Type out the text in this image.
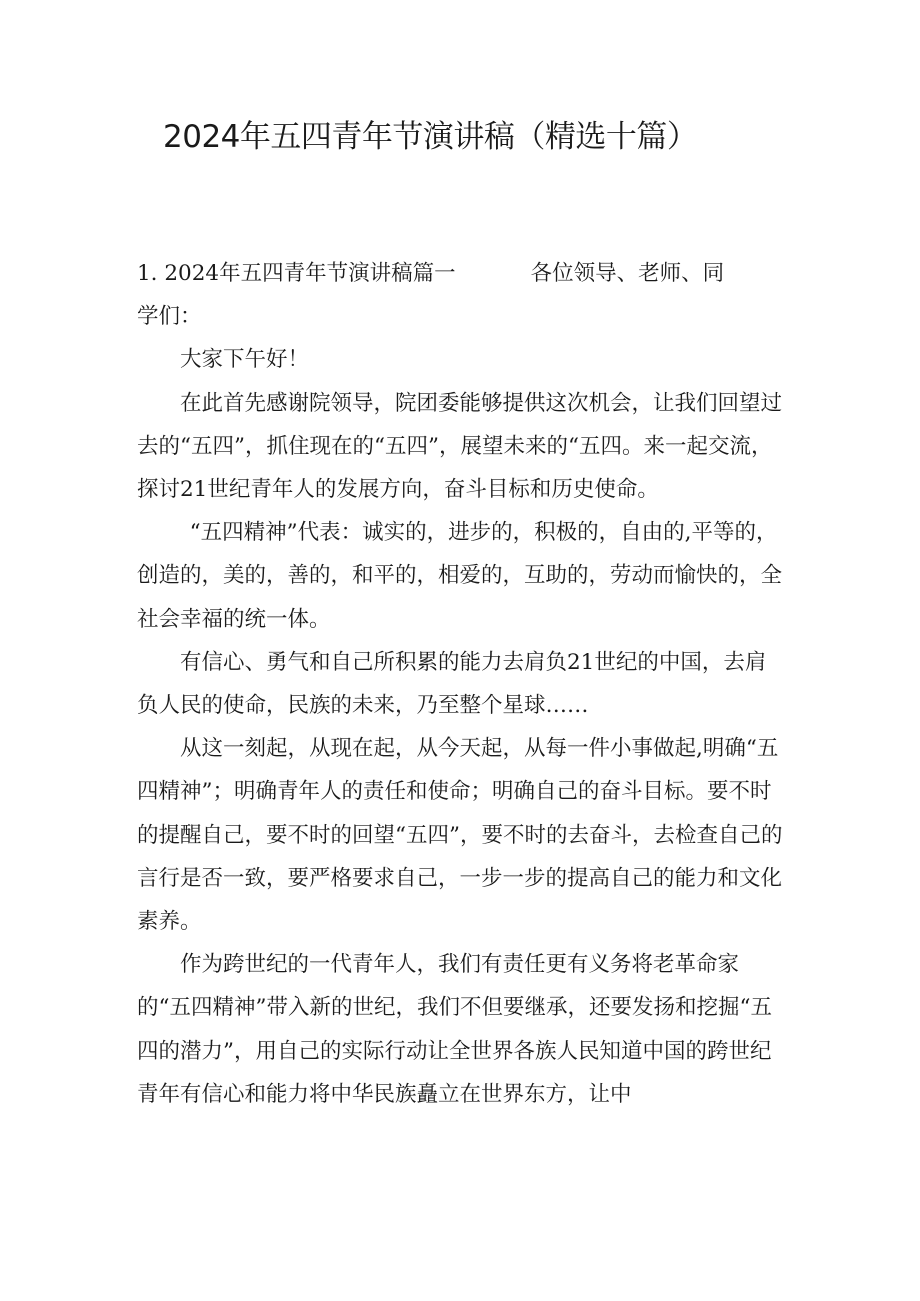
2024年五四青年节演讲稿（精选十篇）

1. 2024年五四青年节演讲稿篇一	各位领导、老师、同

学们：

大家下午好！

在此首先感谢院领导，院团委能够提供这次机会，让我们回望过去的“五四”，抓住现在的“五四”，展望未来的“五四。来一起交流，探讨21世纪青年人的发展方向，奋斗目标和历史使命。

“五四精神”代表：诚实的，进步的，积极的，自由的,平等的，创造的，美的，善的，和平的，相爱的，互助的，劳动而愉快的，全社会幸福的统一体。

有信心、勇气和自己所积累的能力去肩负21世纪的中国，去肩负人民的使命，民族的未来，乃至整个星球……

从这一刻起，从现在起，从今天起，从每一件小事做起,明确“五四精神”；明确青年人的责任和使命；明确自己的奋斗目标。要不时的提醒自己，要不时的回望“五四”，要不时的去奋斗，去检查自己的言行是否一致，要严格要求自己，一步一步的提高自己的能力和文化素养。

作为跨世纪的一代青年人，我们有责任更有义务将老革命家的“五四精神”带入新的世纪，我们不但要继承，还要发扬和挖掘“五四的潜力”，用自己的实际行动让全世界各族人民知道中国的跨世纪青年有信心和能力将中华民族矗立在世界东方，让中
